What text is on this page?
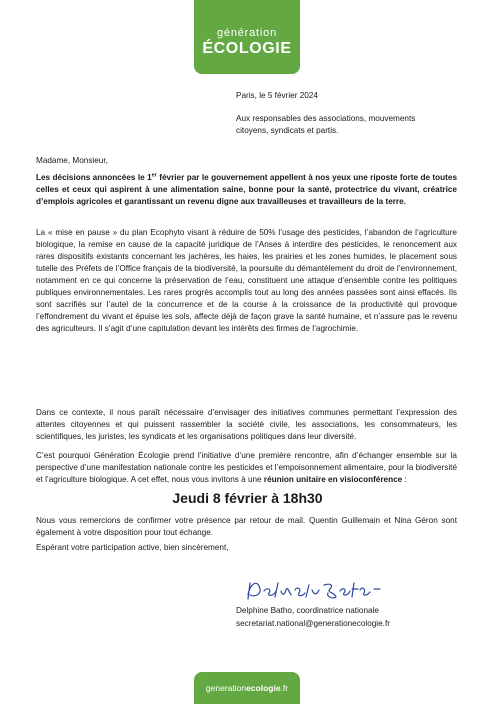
génération
ÉCOLOGIE
Paris, le 5 février 2024
Aux responsables des associations, mouvements citoyens, syndicats et partis.
Madame, Monsieur,
Les décisions annoncées le 1er février par le gouvernement appellent à nos yeux une riposte forte de toutes celles et ceux qui aspirent à une alimentation saine, bonne pour la santé, protectrice du vivant, créatrice d’emplois agricoles et garantissant un revenu digne aux travailleuses et travailleurs de la terre.
La « mise en pause » du plan Ecophyto visant à réduire de 50% l’usage des pesticides, l’abandon de l’agriculture biologique, la remise en cause de la capacité juridique de l’Anses à interdire des pesticides, le renoncement aux rares dispositifs existants concernant les jachères, les haies, les prairies et les zones humides, le placement sous tutelle des Préfets de l’Office français de la biodiversité, la poursuite du démantèlement du droit de l’environnement, notamment en ce qui concerne la préservation de l’eau, constituent une attaque d’ensemble contre les politiques publiques environnementales. Les rares progrès accomplis tout au long des années passées sont ainsi effacés. Ils sont sacrifiés sur l’autel de la concurrence et de la course à la croissance de la productivité qui provoque l’effondrement du vivant et épuise les sols, affecte déjà de façon grave la santé humaine, et n’assure pas le revenu des agriculteurs. Il s’agit d’une capitulation devant les intérêts des firmes de l’agrochimie.
Dans ce contexte, il nous paraît nécessaire d’envisager des initiatives communes permettant l’expression des attentes citoyennes et qui puissent rassembler la société civile, les associations, les consommateurs, les scientifiques, les juristes, les syndicats et les organisations politiques dans leur diversité.
C’est pourquoi Génération Écologie prend l’initiative d’une première rencontre, afin d’échanger ensemble sur la perspective d’une manifestation nationale contre les pesticides et l’empoisonnement alimentaire, pour la biodiversité et l’agriculture biologique. A cet effet, nous vous invitons à une réunion unitaire en visioconférence :
Jeudi 8 février à 18h30
Nous vous remercions de confirmer votre présence par retour de mail. Quentin Guillemain et Nina Géron sont également à votre disposition pour tout échange.
Espérant votre participation active, bien sincèrement,
Delphine Batho, coordinatrice nationale
secretariat.national@generationecologie.fr
generationecologie.fr
